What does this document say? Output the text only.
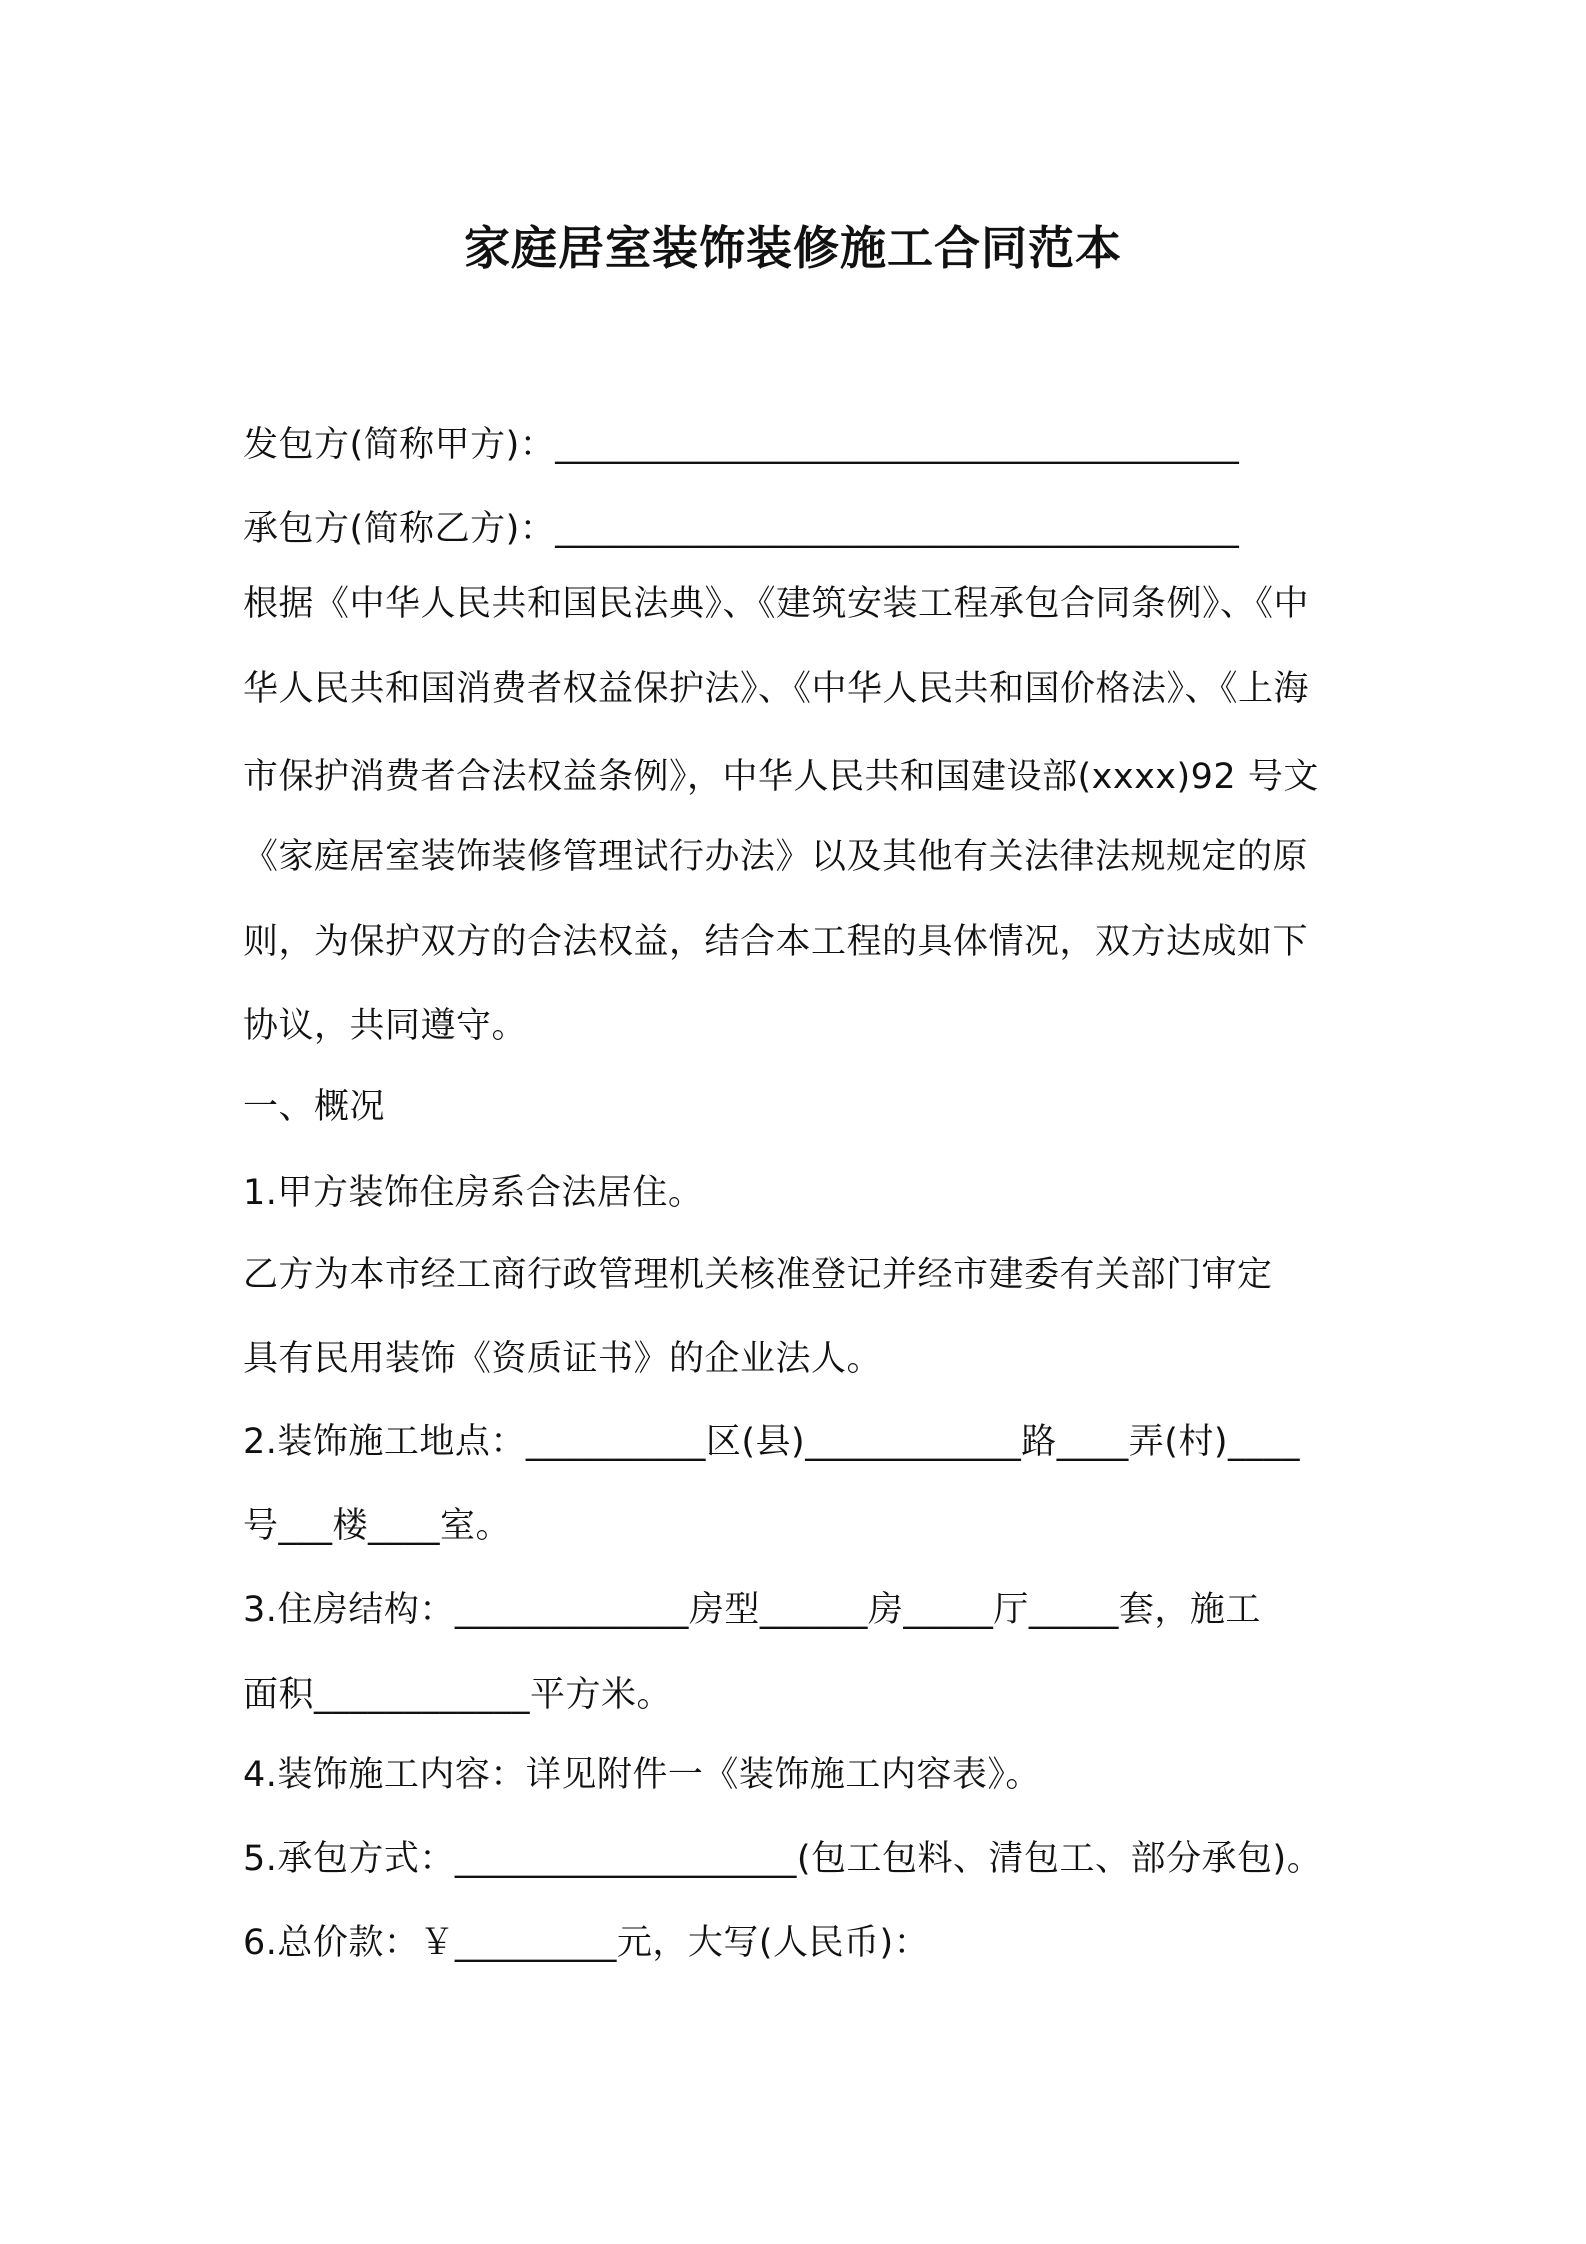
家庭居室装饰装修施工合同范本
发包方(简称甲方)：______________________________________
承包方(简称乙方)：______________________________________
根据《中华人民共和国民法典》、《建筑安装工程承包合同条例》、《中
华人民共和国消费者权益保护法》、《中华人民共和国价格法》、《上海
市保护消费者合法权益条例》，中华人民共和国建设部(xxxx)92 号文
《家庭居室装饰装修管理试行办法》以及其他有关法律法规规定的原
则，为保护双方的合法权益，结合本工程的具体情况，双方达成如下
协议，共同遵守。
一、概况
1.甲方装饰住房系合法居住。
乙方为本市经工商行政管理机关核准登记并经市建委有关部门审定
具有民用装饰《资质证书》的企业法人。
2.装饰施工地点：__________区(县)____________路____弄(村)____
号___楼____室。
3.住房结构：_____________房型______房_____厅_____套，施工
面积____________平方米。
4.装饰施工内容：详见附件一《装饰施工内容表》。
5.承包方式：___________________(包工包料、清包工、部分承包)。
6.总价款：￥_________元，大写(人民币)：
